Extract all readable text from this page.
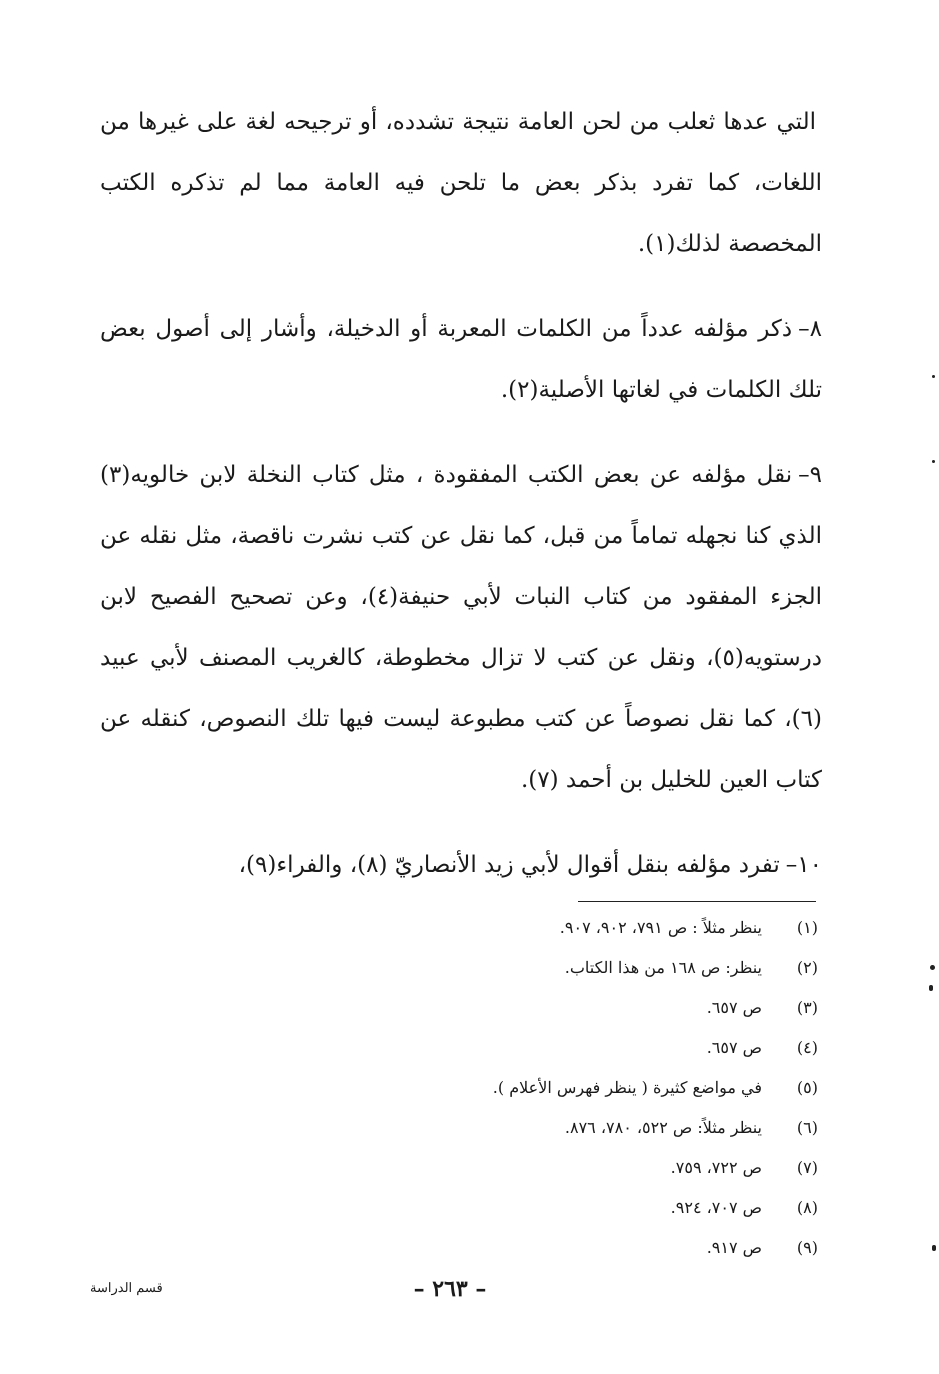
التي عدها ثعلب من لحن العامة نتيجة تشدده، أو ترجيحه لغة على غيرها من اللغات، كما تفرد بذكر بعض ما تلحن فيه العامة مما لم تذكره الكتب المخصصة لذلك(١).

٨–ذكر مؤلفه عدداً من الكلمات المعربة أو الدخيلة، وأشار إلى أصول بعض تلك الكلمات في لغاتها الأصلية(٢).

٩–نقل مؤلفه عن بعض الكتب المفقودة ، مثل كتاب النخلة لابن خالويه(٣) الذي كنا نجهله تماماً من قبل، كما نقل عن كتب نشرت ناقصة، مثل نقله عن الجزء المفقود من كتاب النبات لأبي حنيفة(٤)، وعن تصحيح الفصيح لابن درستويه(٥)، ونقل عن كتب لا تزال مخطوطة، كالغريب المصنف لأبي عبيد (٦)، كما نقل نصوصاً عن كتب مطبوعة ليست فيها تلك النصوص، كنقله عن كتاب العين للخليل بن أحمد (٧).

١٠–تفرد مؤلفه بنقل أقوال لأبي زيد الأنصاريّ (٨)، والفراء(٩)،

(١)ينظر مثلاً : ص ٧٩١، ٩٠٢، ٩٠٧.
(٢)ينظر: ص ١٦٨ من هذا الكتاب.
(٣)ص ٦٥٧.
(٤)ص ٦٥٧.
(٥)في مواضع كثيرة ( ينظر فهرس الأعلام ).
(٦)ينظر مثلاً: ص ٥٢٢، ٧٨٠، ٨٧٦.
(٧)ص ٧٢٢، ٧٥٩.
(٨)ص ٧٠٧، ٩٢٤.
(٩)ص ٩١٧.
– ٢٦٣ –
قسم الدراسة
